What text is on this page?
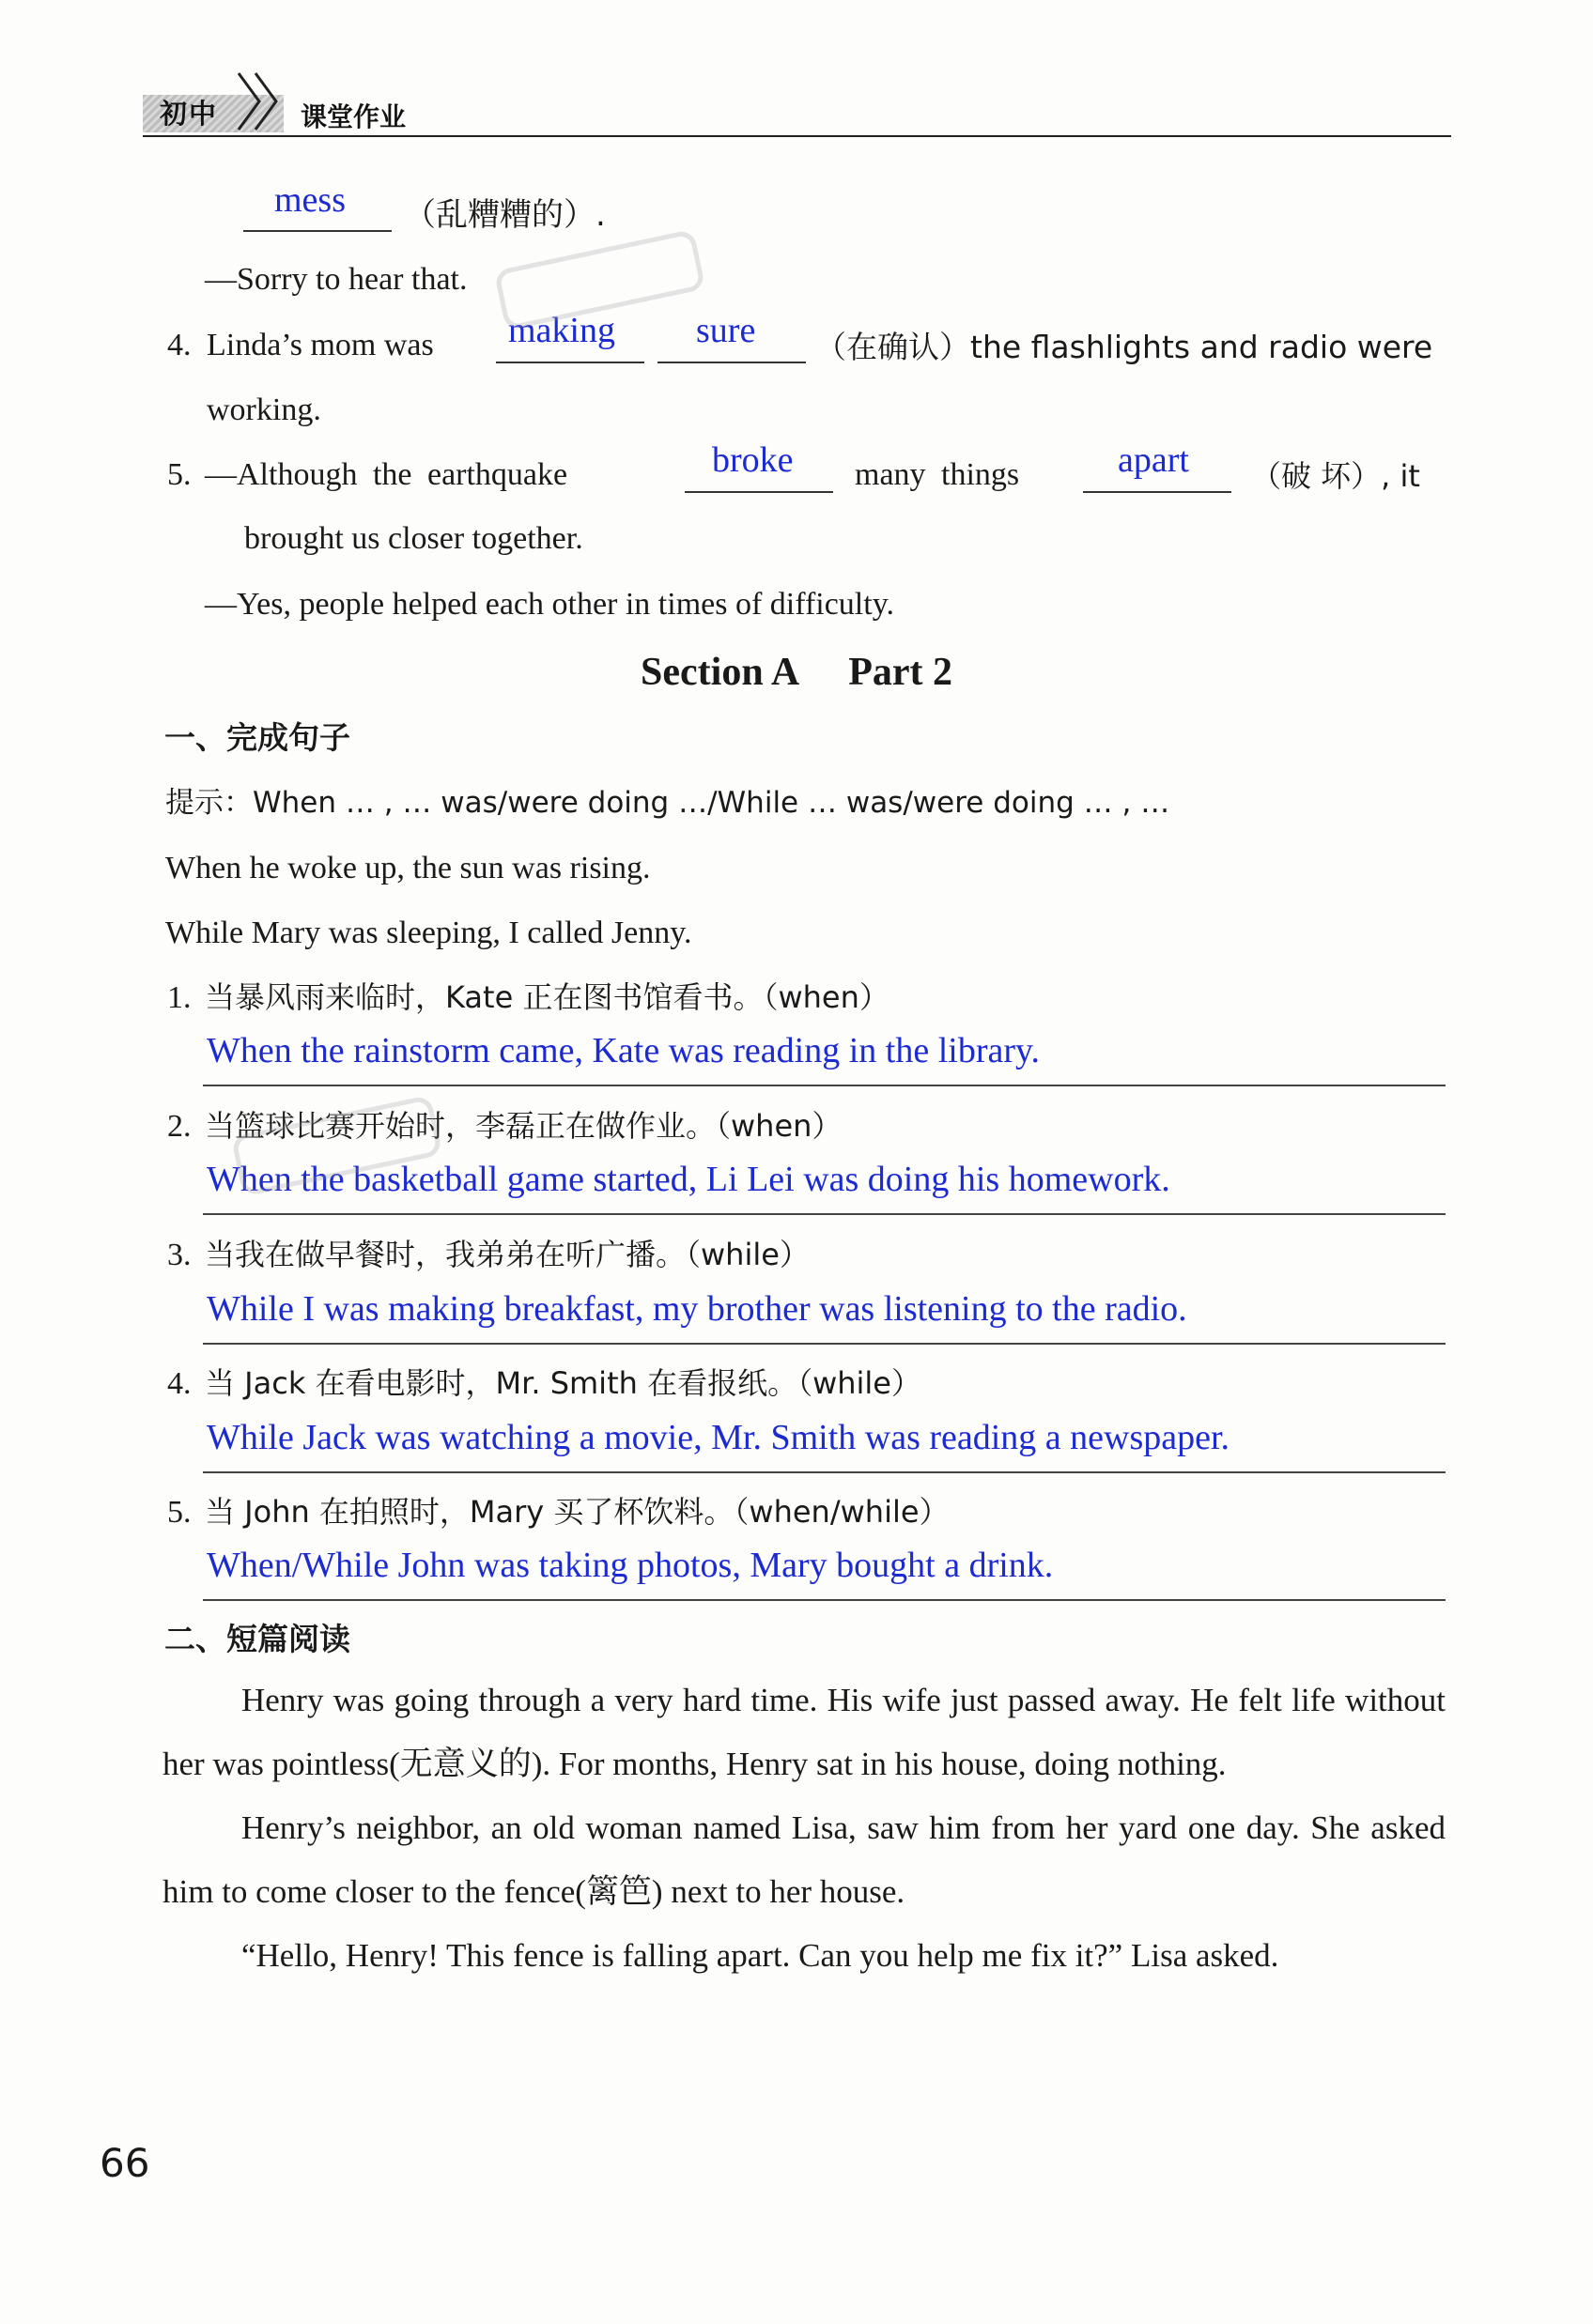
初中	课堂作业
mess （乱糟糟的）.
—Sorry to hear that.
4. Linda’s mom was making sure （在确认）the flashlights and radio were
working.
5. —Although the earthquake	broke many things	apart （破 坏）, it
brought us closer together.
—Yes, people helped each other in times of difficulty.
Section A Part 2
一、完成句子
提示：When … , … was/were doing …/While … was/were doing … , …
When he woke up, the sun was rising.
While Mary was sleeping, I called Jenny.
1. 当暴风雨来临时，Kate 正在图书馆看书。（when）
When the rainstorm came, Kate was reading in the library.
2. 当篮球比赛开始时，李磊正在做作业。（when）
When the basketball game started, Li Lei was doing his homework.
3. 当我在做早餐时，我弟弟在听广播。（while）
While I was making breakfast, my brother was listening to the radio.
4. 当 Jack 在看电影时，Mr. Smith 在看报纸。（while）
While Jack was watching a movie, Mr. Smith was reading a newspaper.
5. 当 John 在拍照时，Mary 买了杯饮料。（when/while）
When/While John was taking photos, Mary bought a drink.
二、短篇阅读

Henry was going through a very hard time. His wife just passed away. He felt life without her was pointless(无意义的). For months, Henry sat in his house, doing nothing.

Henry’s neighbor, an old woman named Lisa, saw him from her yard one day. She asked him to come closer to the fence(篱笆) next to her house.

“Hello, Henry! This fence is falling apart. Can you help me fix it?” Lisa asked.

66
